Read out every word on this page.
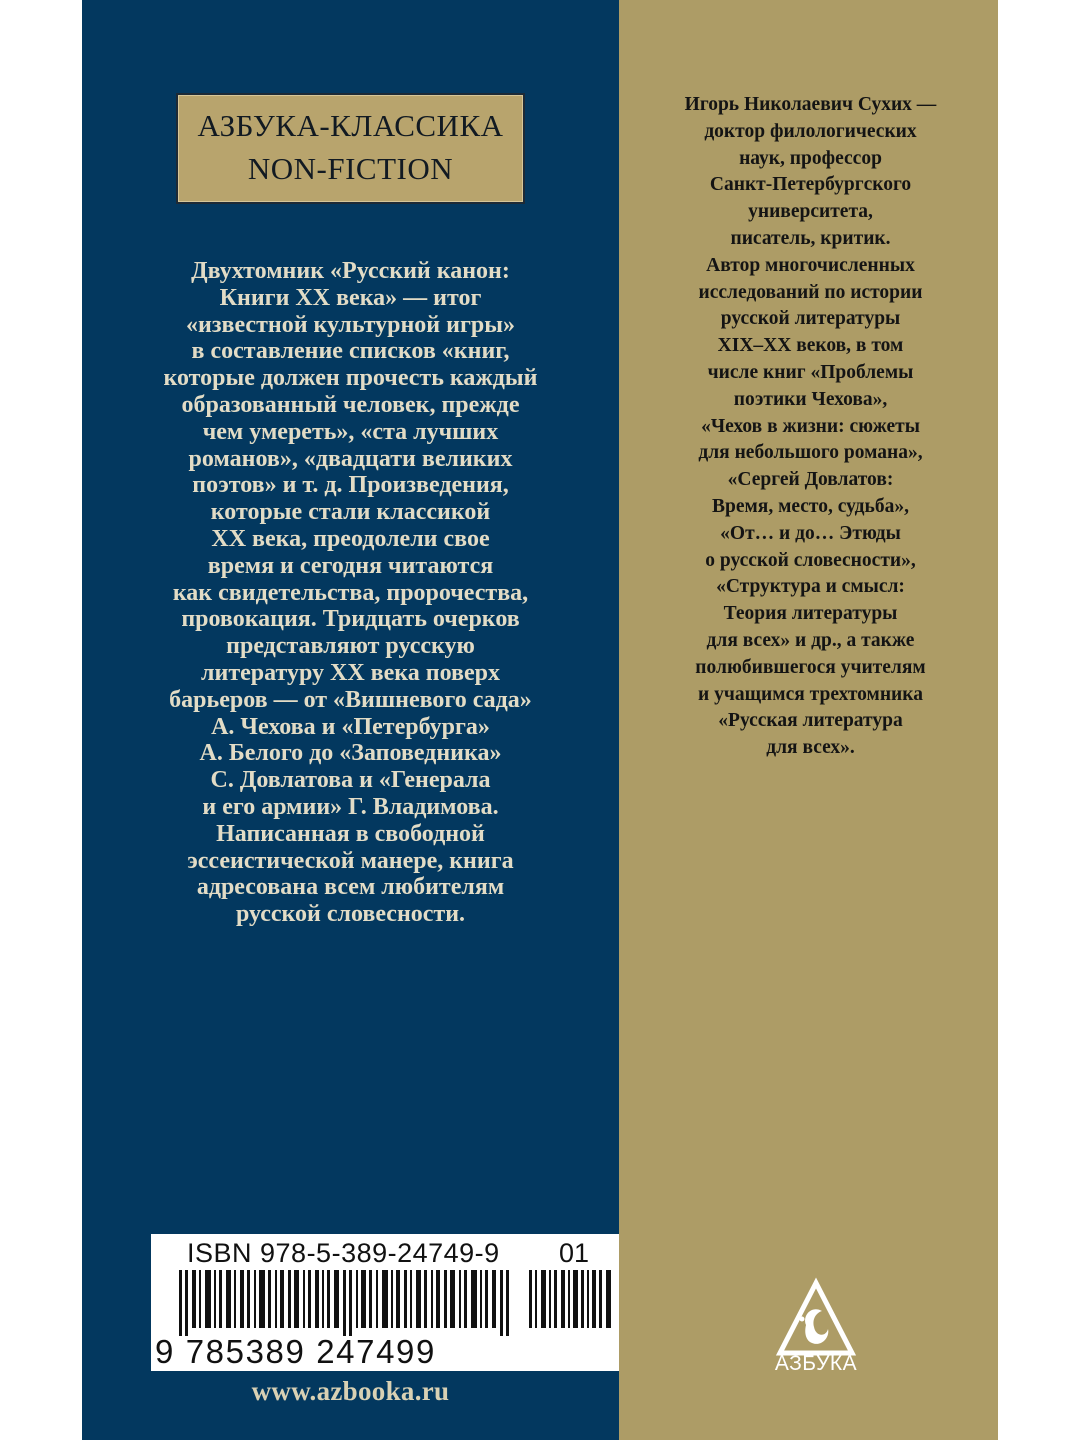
АЗБУКА-КЛАССИКА
NON-FICTION
Двухтомник «Русский канон:
Книги XX века» — итог
«известной культурной игры»
в составление списков «книг,
которые должен прочесть каждый
образованный человек, прежде
чем умереть», «ста лучших
романов», «двадцати великих
поэтов» и т. д. Произведения,
которые стали классикой
XX века, преодолели свое
время и сегодня читаются
как свидетельства, пророчества,
провокация. Тридцать очерков
представляют русскую
литературу XX века поверх
барьеров — от «Вишневого сада»
А. Чехова и «Петербурга»
А. Белого до «Заповедника»
С. Довлатова и «Генерала
и его армии» Г. Владимова.
Написанная в свободной
эссеистической манере, книга
адресована всем любителям
русской словесности.
ISBN 978-5-389-24749-9 01
9 785389 247499
www.azbooka.ru
Игорь Николаевич Сухих —
доктор филологических
наук, профессор
Санкт-Петербургского
университета,
писатель, критик.
Автор многочисленных
исследований по истории
русской литературы
XIX–XX веков, в том
числе книг «Проблемы
поэтики Чехова»,
«Чехов в жизни: сюжеты
для небольшого романа»,
«Сергей Довлатов:
Время, место, судьба»,
«От… и до… Этюды
о русской словесности»,
«Структура и смысл:
Теория литературы
для всех» и др., а также
полюбившегося учителям
и учащимся трехтомника
«Русская литература
для всех».
АЗБУКА
